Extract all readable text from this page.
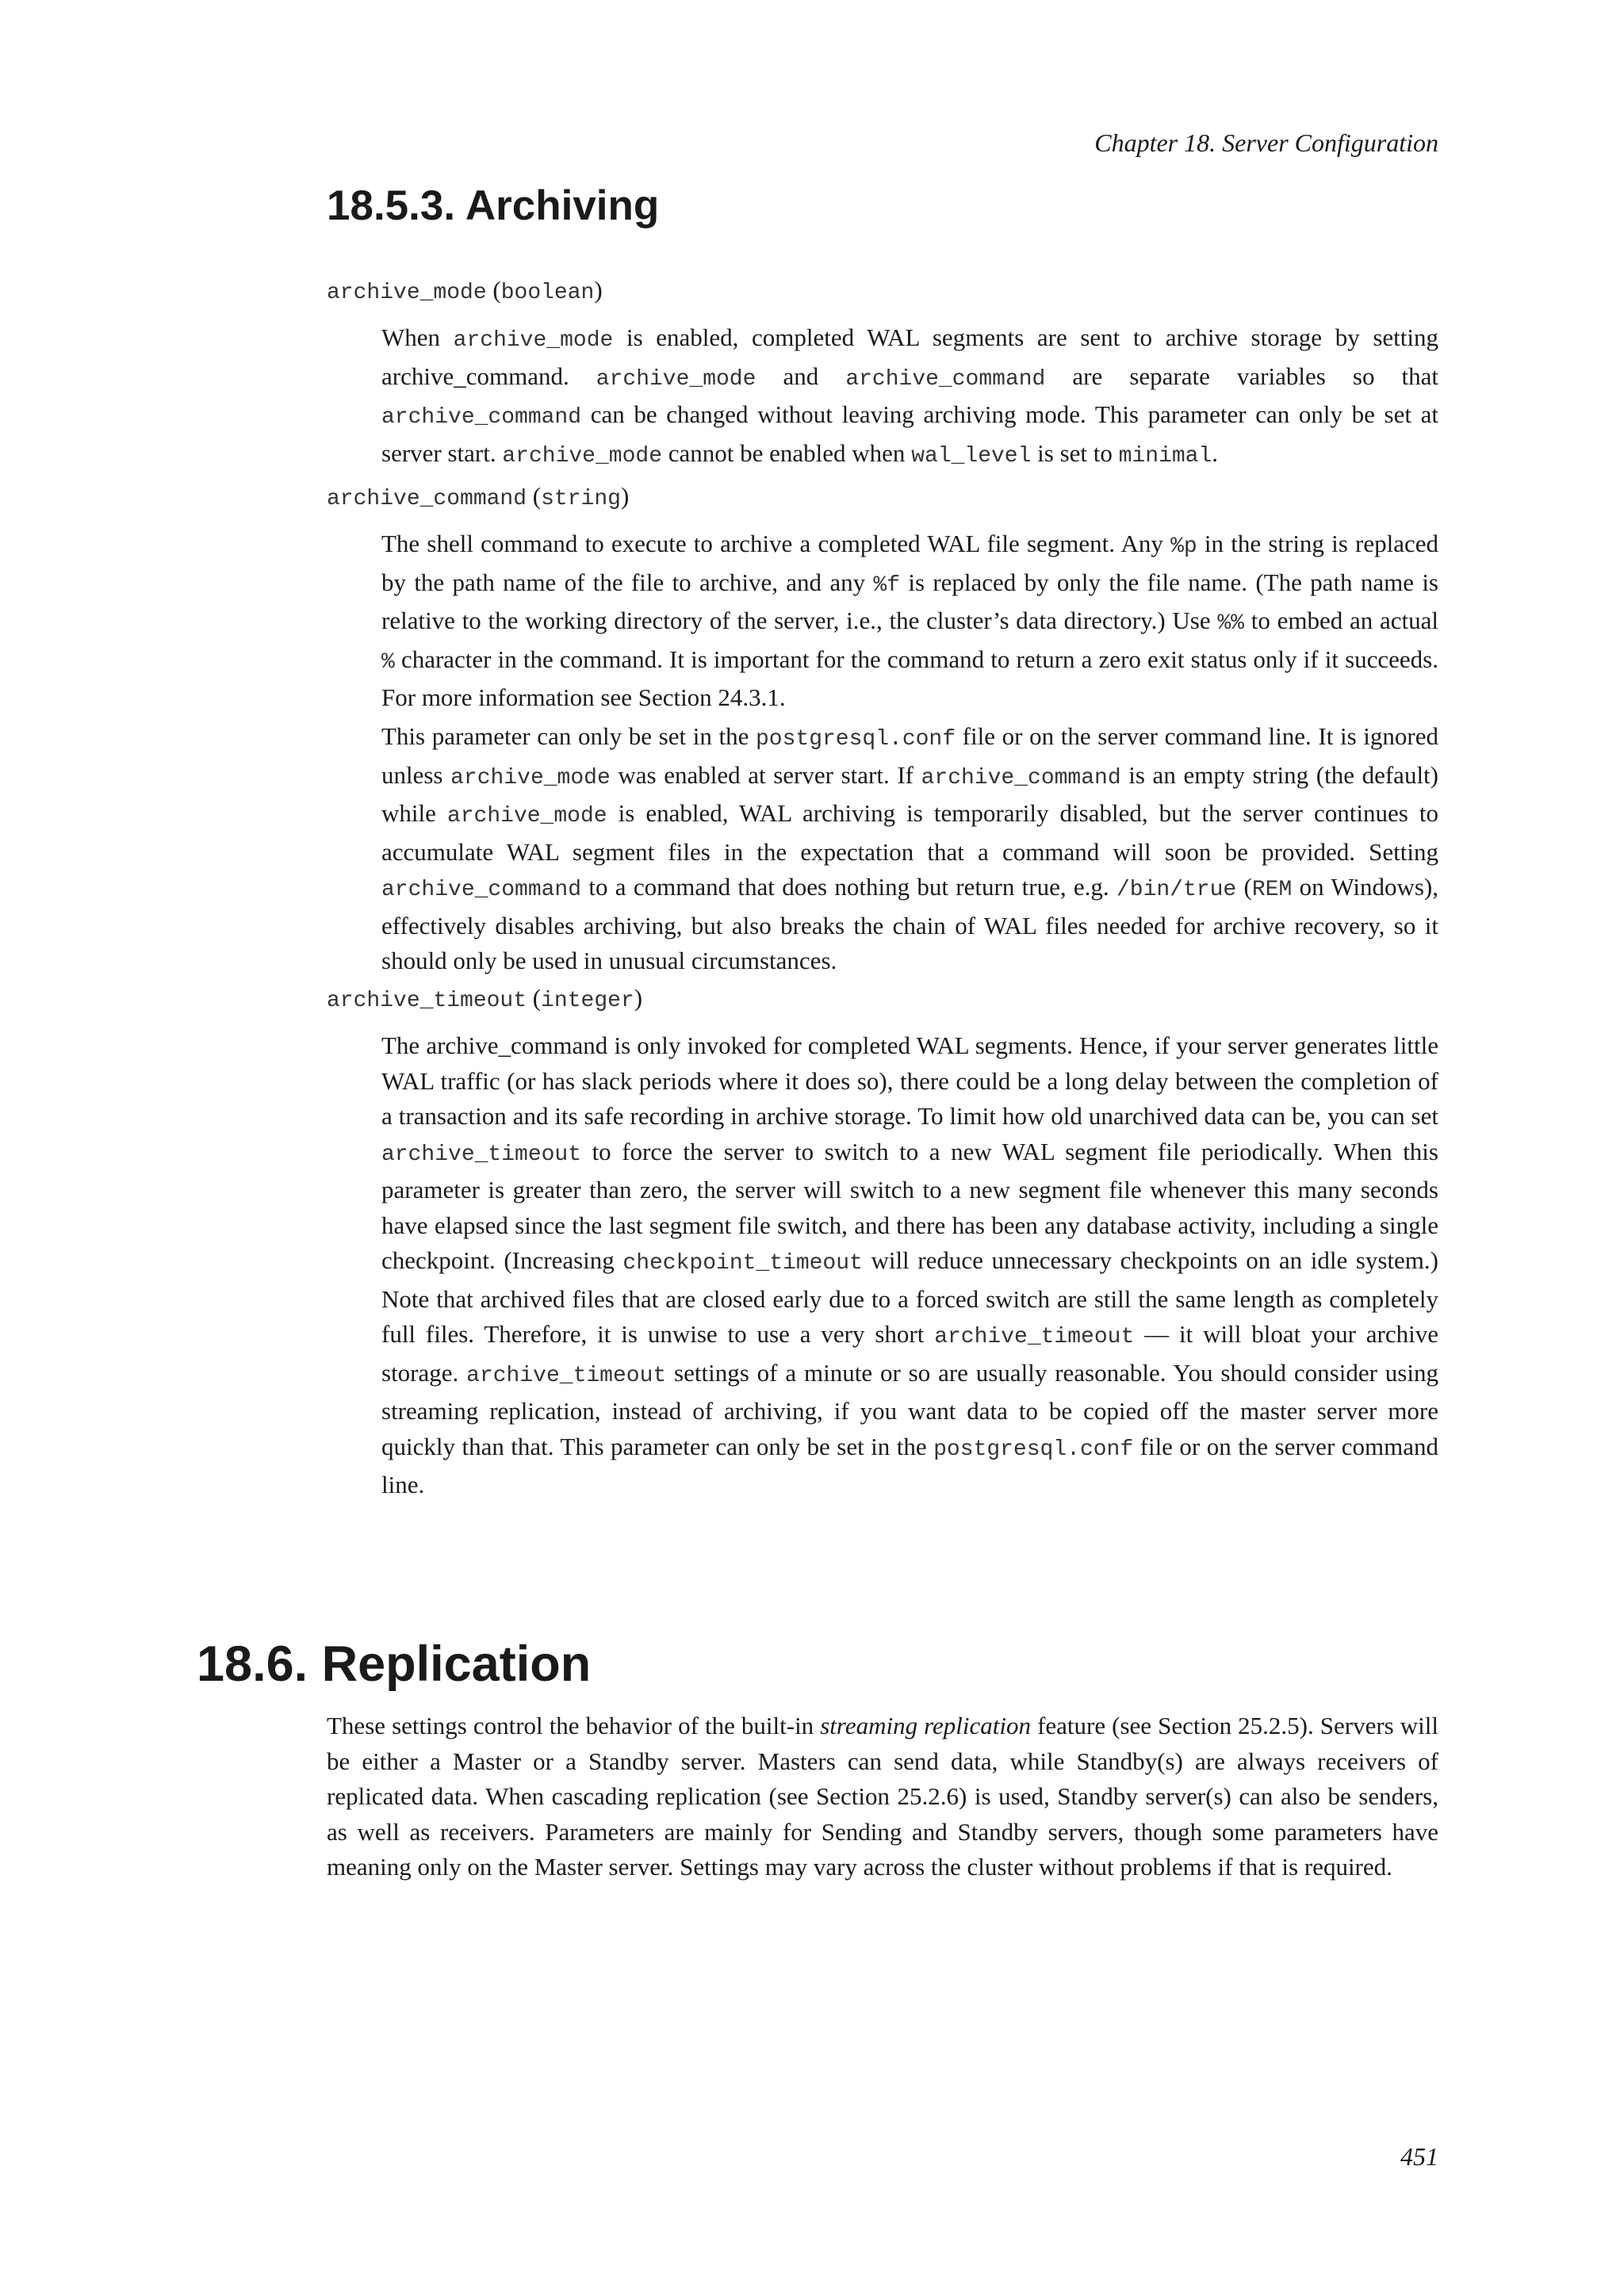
Chapter 18. Server Configuration
18.5.3. Archiving

archive_mode (boolean)

When archive_mode is enabled, completed WAL segments are sent to archive storage by setting archive_command. archive_mode and archive_command are separate variables so that archive_command can be changed without leaving archiving mode. This parameter can only be set at server start. archive_mode cannot be enabled when wal_level is set to minimal.

archive_command (string)

The shell command to execute to archive a completed WAL file segment. Any %p in the string is replaced by the path name of the file to archive, and any %f is replaced by only the file name. (The path name is relative to the working directory of the server, i.e., the cluster’s data directory.) Use %% to embed an actual % character in the command. It is important for the command to return a zero exit status only if it succeeds. For more information see Section 24.3.1.

This parameter can only be set in the postgresql.conf file or on the server command line. It is ignored unless archive_mode was enabled at server start. If archive_command is an empty string (the default) while archive_mode is enabled, WAL archiving is temporarily disabled, but the server continues to accumulate WAL segment files in the expectation that a command will soon be provided. Setting archive_command to a command that does nothing but return true, e.g. /bin/true (REM on Windows), effectively disables archiving, but also breaks the chain of WAL files needed for archive recovery, so it should only be used in unusual circumstances.

archive_timeout (integer)

The archive_command is only invoked for completed WAL segments. Hence, if your server generates little WAL traffic (or has slack periods where it does so), there could be a long delay between the completion of a transaction and its safe recording in archive storage. To limit how old unarchived data can be, you can set archive_timeout to force the server to switch to a new WAL segment file periodically. When this parameter is greater than zero, the server will switch to a new segment file whenever this many seconds have elapsed since the last segment file switch, and there has been any database activity, including a single checkpoint. (Increasing checkpoint_timeout will reduce unnecessary checkpoints on an idle system.) Note that archived files that are closed early due to a forced switch are still the same length as completely full files. Therefore, it is unwise to use a very short archive_timeout — it will bloat your archive storage. archive_timeout settings of a minute or so are usually reasonable. You should consider using streaming replication, instead of archiving, if you want data to be copied off the master server more quickly than that. This parameter can only be set in the postgresql.conf file or on the server command line.

18.6. Replication

These settings control the behavior of the built-in streaming replication feature (see Section 25.2.5). Servers will be either a Master or a Standby server. Masters can send data, while Standby(s) are always receivers of replicated data. When cascading replication (see Section 25.2.6) is used, Standby server(s) can also be senders, as well as receivers. Parameters are mainly for Sending and Standby servers, though some parameters have meaning only on the Master server. Settings may vary across the cluster without problems if that is required.

451
